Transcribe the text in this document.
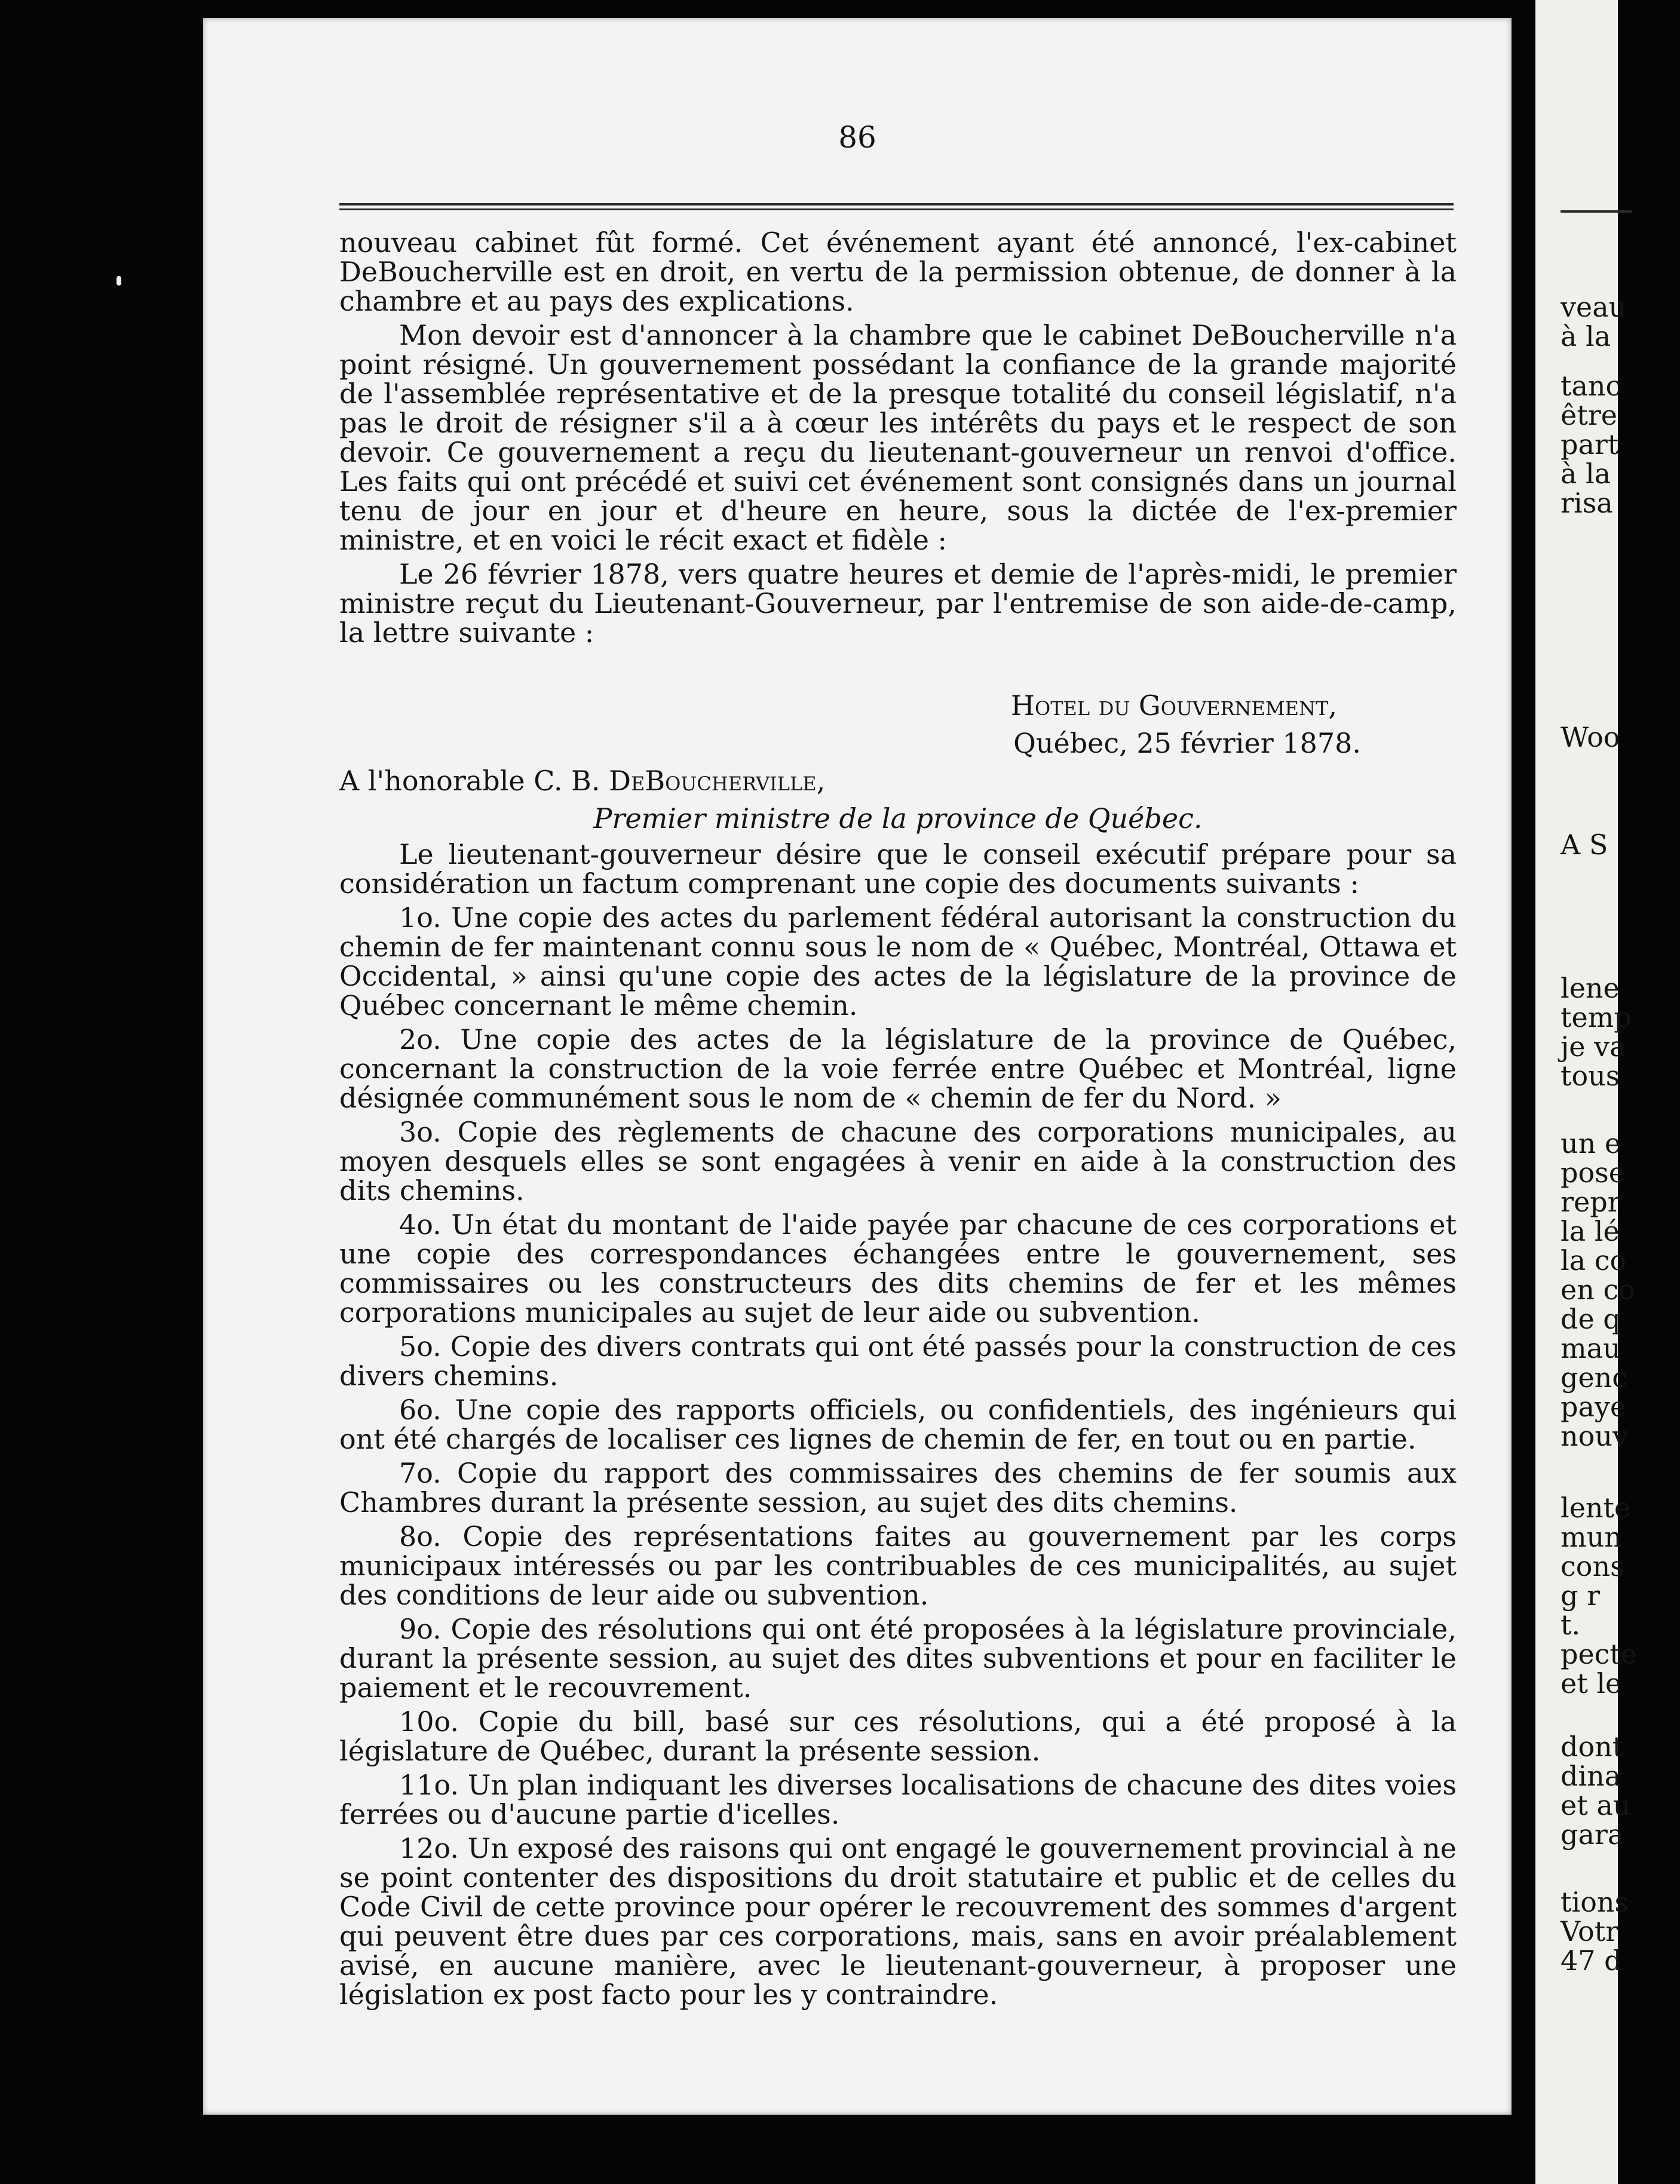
86

nouveau cabinet fût formé. Cet événement ayant été annoncé, l'ex-cabinet DeBoucherville est en droit, en vertu de la permission obtenue, de donner à la chambre et au pays des explications.

Mon devoir est d'annoncer à la chambre que le cabinet DeBoucherville n'a point résigné. Un gouvernement possédant la confiance de la grande majorité de l'assemblée représentative et de la presque totalité du conseil législatif, n'a pas le droit de résigner s'il a à cœur les intérêts du pays et le respect de son devoir. Ce gouvernement a reçu du lieutenant-gouverneur un renvoi d'office. Les faits qui ont précédé et suivi cet événement sont consignés dans un journal tenu de jour en jour et d'heure en heure, sous la dictée de l'ex-premier ministre, et en voici le récit exact et fidèle :

Le 26 février 1878, vers quatre heures et demie de l'après-midi, le premier ministre reçut du Lieutenant-Gouverneur, par l'entremise de son aide-de-camp, la lettre suivante :

Hotel du Gouvernement,

Québec, 25 février 1878.

A l'honorable C. B. DeBoucherville,

Premier ministre de la province de Québec.

Le lieutenant-gouverneur désire que le conseil exécutif prépare pour sa considération un factum comprenant une copie des documents suivants :

1o. Une copie des actes du parlement fédéral autorisant la construction du chemin de fer maintenant connu sous le nom de « Québec, Montréal, Ottawa et Occidental, » ainsi qu'une copie des actes de la législature de la province de Québec concernant le même chemin.

2o. Une copie des actes de la législature de la province de Québec, concernant la construction de la voie ferrée entre Québec et Montréal, ligne désignée communément sous le nom de « chemin de fer du Nord. »

3o. Copie des règlements de chacune des corporations municipales, au moyen desquels elles se sont engagées à venir en aide à la construction des dits chemins.

4o. Un état du montant de l'aide payée par chacune de ces corporations et une copie des correspondances échangées entre le gouvernement, ses commissaires ou les constructeurs des dits chemins de fer et les mêmes corporations municipales au sujet de leur aide ou subvention.

5o. Copie des divers contrats qui ont été passés pour la construction de ces divers chemins.

6o. Une copie des rapports officiels, ou confidentiels, des ingénieurs qui ont été chargés de localiser ces lignes de chemin de fer, en tout ou en partie.

7o. Copie du rapport des commissaires des chemins de fer soumis aux Chambres durant la présente session, au sujet des dits chemins.

8o. Copie des représentations faites au gouvernement par les corps municipaux intéressés ou par les contribuables de ces municipalités, au sujet des conditions de leur aide ou subvention.

9o. Copie des résolutions qui ont été proposées à la législature provinciale, durant la présente session, au sujet des dites subventions et pour en faciliter le paiement et le recouvrement.

10o. Copie du bill, basé sur ces résolutions, qui a été proposé à la législature de Québec, durant la présente session.

11o. Un plan indiquant les diverses localisations de chacune des dites voies ferrées ou d'aucune partie d'icelles.

12o. Un exposé des raisons qui ont engagé le gouvernement provincial à ne se point contenter des dispositions du droit statutaire et public et de celles du Code Civil de cette province pour opérer le recouvrement des sommes d'argent qui peuvent être dues par ces corporations, mais, sans en avoir préalablement avisé, en aucune manière, avec le lieutenant-gouverneur, à proposer une législation ex post facto pour les y contraindre.

veau
à la
tanc
être
part
à la
risa
Woo
A S
lene
temp
je va
tous
un e
pose
repr
la lé
la co
en co
de q
mau
genc
paye
nouv
lente
mun
cons
g r
t.
pecte
et le
dont
dina
et au
gara
tions
Votr
47 d
